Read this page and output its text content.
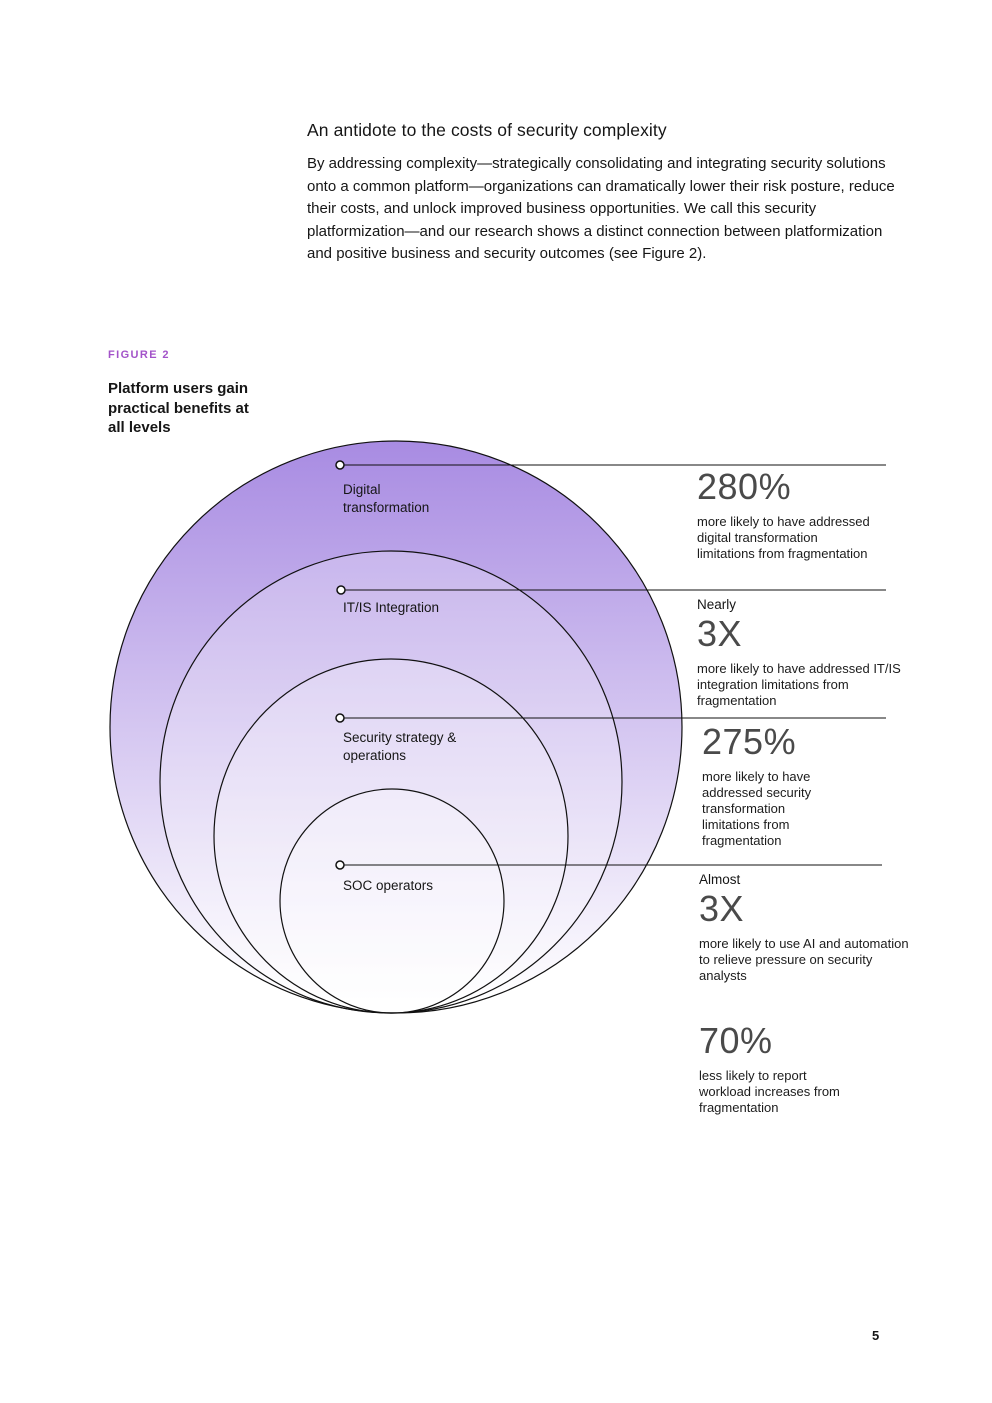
An antidote to the costs of security complexity

By addressing complexity—strategically consolidating and integrating security solutions onto a common platform—organizations can dramatically lower their risk posture, reduce their costs, and unlock improved business opportunities. We call this security platformization—and our research shows a distinct connection between platformization and positive business and security outcomes (see Figure 2).

FIGURE 2
Platform users gain practical benefits at all levels
Digital transformation
IT/IS Integration
Security strategy & operations
SOC operators
280%
more likely to have addressed digital transformation limitations from fragmentation
Nearly
3X
more likely to have addressed IT/IS integration limitations from fragmentation
275%
more likely to have addressed security transformation limitations from fragmentation
Almost
3X
more likely to use AI and automation to relieve pressure on security analysts
70%
less likely to report workload increases from fragmentation
5
